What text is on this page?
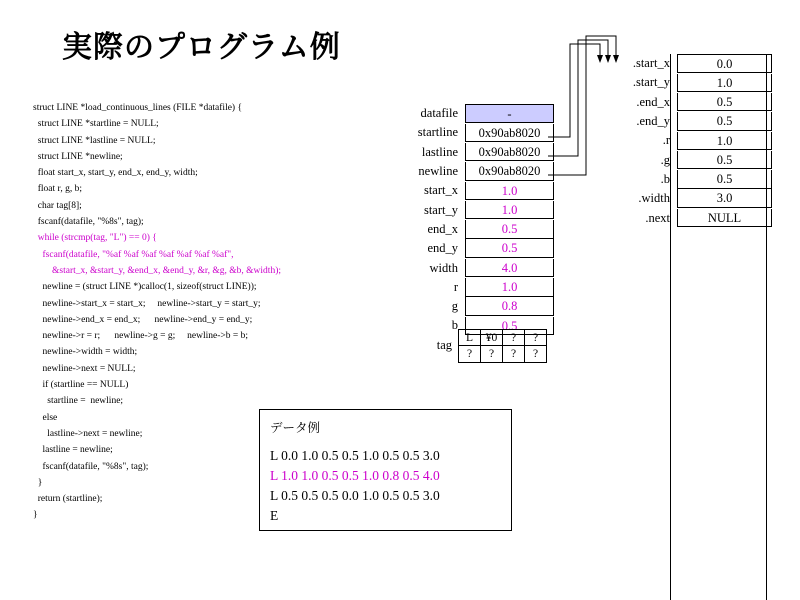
実際のプログラム例
struct LINE *load_continuous_lines (FILE *datafile) {
struct LINE *startline = NULL;
struct LINE *lastline = NULL;
struct LINE *newline;
float start_x, start_y, end_x, end_y, width;
float r, g, b;
char tag[8];
fscanf(datafile, "%8s", tag);
while (strcmp(tag, "L") == 0) {
fscanf(datafile, "%af %af %af %af %af %af %af",
&start_x, &start_y, &end_x, &end_y, &r, &g, &b, &width);
newline = (struct LINE *)calloc(1, sizeof(struct LINE));
newline->start_x = start_x;     newline->start_y = start_y;
newline->end_x = end_x;      newline->end_y = end_y;
newline->r = r;      newline->g = g;     newline->b = b;
newline->width = width;
newline->next = NULL;
if (startline == NULL)
startline =  newline;
else
lastline->next = newline;
lastline = newline;
fscanf(datafile, "%8s", tag);
}
return (startline);
}
datafile	-
startline	0x90ab8020
lastline	0x90ab8020
newline	0x90ab8020
start_x	1.0
start_y	1.0
end_x	0.5
end_y	0.5
width	4.0
r	1.0
g	0.8
b	0.5
tag	L	¥0	?	?
?	?	?	?
.start_x	0.0
.start_y	1.0
.end_x	0.5
.end_y	0.5
.r	1.0
.g	0.5
.b	0.5
.width	3.0
.next	NULL
データ例
L 0.0 1.0 0.5 0.5 1.0 0.5 0.5 3.0
L 1.0 1.0 0.5 0.5 1.0 0.8 0.5 4.0
L 0.5 0.5 0.5 0.0 1.0 0.5 0.5 3.0
E
